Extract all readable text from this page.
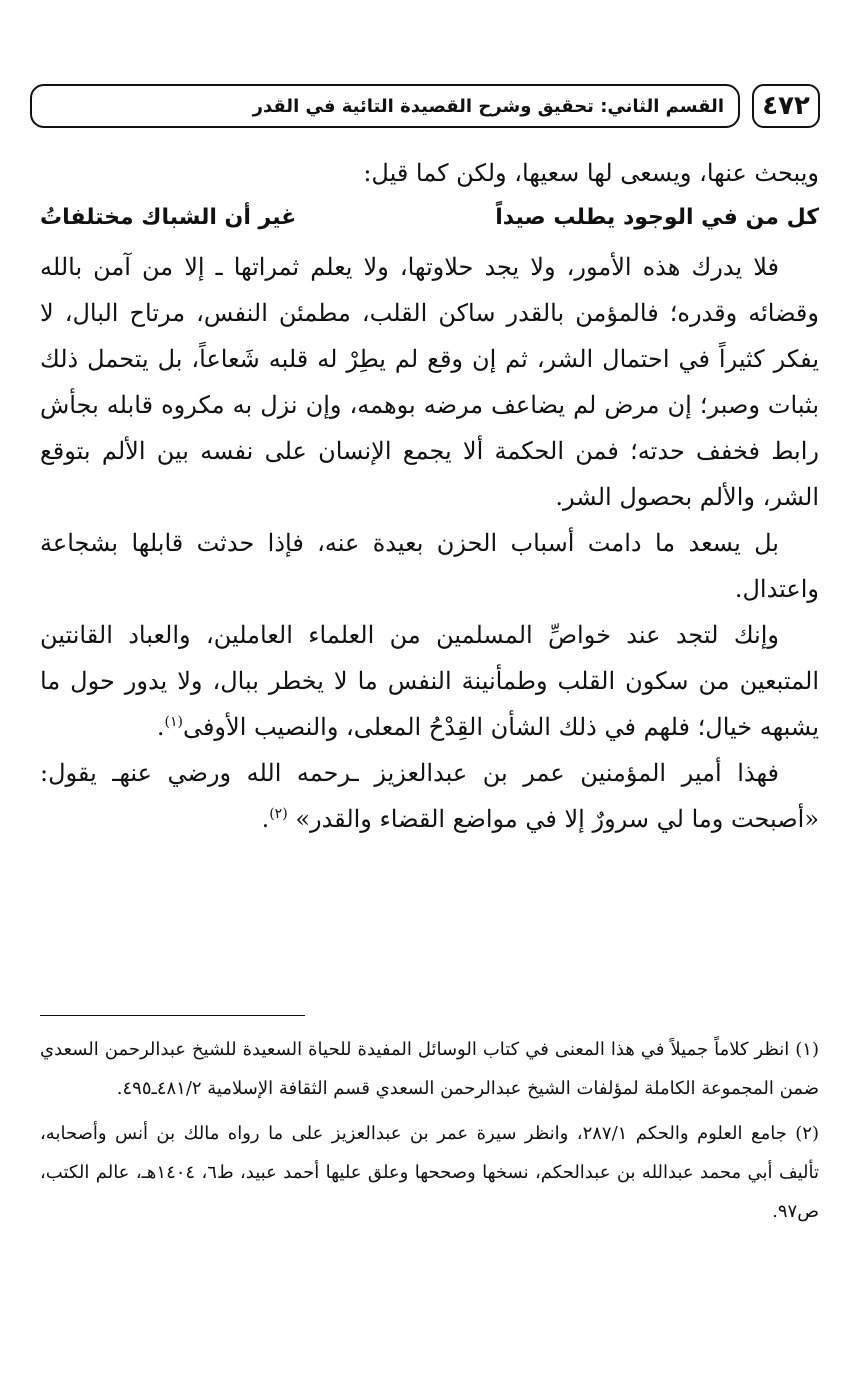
٤٧٢
القسم الثاني: تحقيق وشرح القصيدة التائية في القدر

ويبحث عنها، ويسعى لها سعيها، ولكن كما قيل:

كل من في الوجود يطلب صيداً
غير أن الشباك مختلفاتُ

فلا يدرك هذه الأمور، ولا يجد حلاوتها، ولا يعلم ثمراتها ـ إلا من آمن بالله وقضائه وقدره؛ فالمؤمن بالقدر ساكن القلب، مطمئن النفس، مرتاح البال، لا يفكر كثيراً في احتمال الشر، ثم إن وقع لم يطِرْ له قلبه شَعاعاً، بل يتحمل ذلك بثبات وصبر؛ إن مرض لم يضاعف مرضه بوهمه، وإن نزل به مكروه قابله بجأش رابط فخفف حدته؛ فمن الحكمة ألا يجمع الإنسان على نفسه بين الألم بتوقع الشر، والألم بحصول الشر.

بل يسعد ما دامت أسباب الحزن بعيدة عنه، فإذا حدثت قابلها بشجاعة واعتدال.

وإنك لتجد عند خواصِّ المسلمين من العلماء العاملين، والعباد القانتين المتبعين من سكون القلب وطمأنينة النفس ما لا يخطر ببال، ولا يدور حول ما يشبهه خيال؛ فلهم في ذلك الشأن القِدْحُ المعلى، والنصيب الأوفى$^{(١)}$.

فهذا أمير المؤمنين عمر بن عبدالعزيز ـرحمه الله ورضي عنهـ يقول: «أصبحت وما لي سرورٌ إلا في مواضع القضاء والقدر» $^{(٢)}$.

(١) انظر كلاماً جميلاً في هذا المعنى في كتاب الوسائل المفيدة للحياة السعيدة للشيخ عبدالرحمن السعدي ضمن المجموعة الكاملة لمؤلفات الشيخ عبدالرحمن السعدي قسم الثقافة الإسلامية ٤٨١/٢ـ٤٩٥.

(٢) جامع العلوم والحكم ٢٨٧/١، وانظر سيرة عمر بن عبدالعزيز على ما رواه مالك بن أنس وأصحابه، تأليف أبي محمد عبدالله بن عبدالحكم، نسخها وصححها وعلق عليها أحمد عبيد، ط٦، ١٤٠٤هـ، عالم الكتب، ص٩٧.
